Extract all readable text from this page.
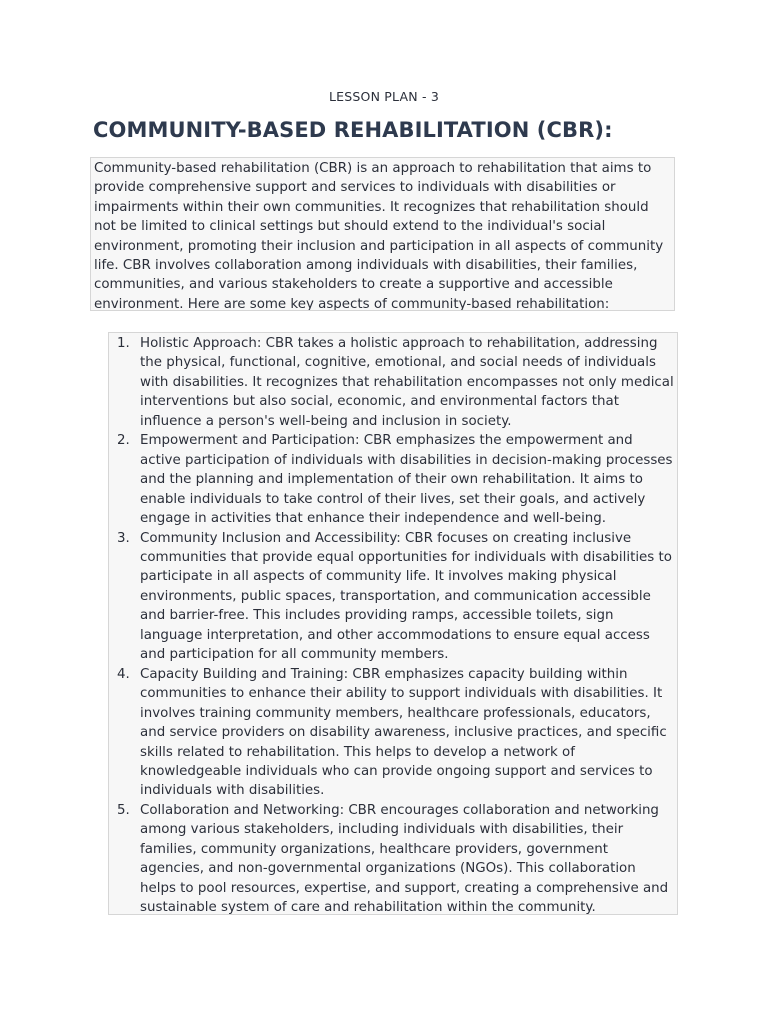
LESSON PLAN - 3
COMMUNITY-BASED REHABILITATION (CBR):
Community-based rehabilitation (CBR) is an approach to rehabilitation that aims to provide comprehensive support and services to individuals with disabilities or impairments within their own communities. It recognizes that rehabilitation should not be limited to clinical settings but should extend to the individual's social environment, promoting their inclusion and participation in all aspects of community life. CBR involves collaboration among individuals with disabilities, their families, communities, and various stakeholders to create a supportive and accessible environment. Here are some key aspects of community-based rehabilitation:
1. Holistic Approach: CBR takes a holistic approach to rehabilitation, addressing the physical, functional, cognitive, emotional, and social needs of individuals with disabilities. It recognizes that rehabilitation encompasses not only medical interventions but also social, economic, and environmental factors that influence a person's well-being and inclusion in society.
2. Empowerment and Participation: CBR emphasizes the empowerment and active participation of individuals with disabilities in decision-making processes and the planning and implementation of their own rehabilitation. It aims to enable individuals to take control of their lives, set their goals, and actively engage in activities that enhance their independence and well-being.
3. Community Inclusion and Accessibility: CBR focuses on creating inclusive communities that provide equal opportunities for individuals with disabilities to participate in all aspects of community life. It involves making physical environments, public spaces, transportation, and communication accessible and barrier-free. This includes providing ramps, accessible toilets, sign language interpretation, and other accommodations to ensure equal access and participation for all community members.
4. Capacity Building and Training: CBR emphasizes capacity building within communities to enhance their ability to support individuals with disabilities. It involves training community members, healthcare professionals, educators, and service providers on disability awareness, inclusive practices, and specific skills related to rehabilitation. This helps to develop a network of knowledgeable individuals who can provide ongoing support and services to individuals with disabilities.
5. Collaboration and Networking: CBR encourages collaboration and networking among various stakeholders, including individuals with disabilities, their families, community organizations, healthcare providers, government agencies, and non-governmental organizations (NGOs). This collaboration helps to pool resources, expertise, and support, creating a comprehensive and sustainable system of care and rehabilitation within the community.
